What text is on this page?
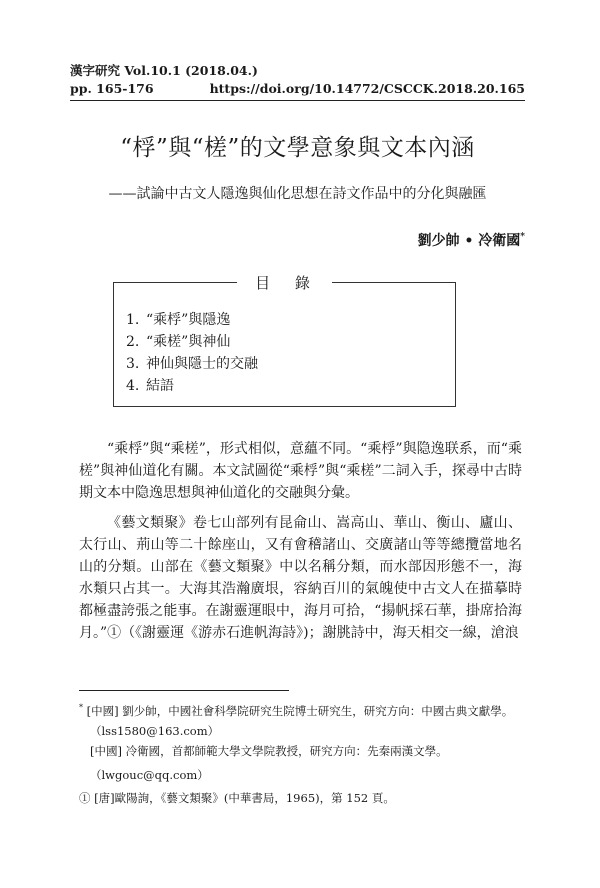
漢字研究 Vol.10.1 (2018.04.)
pp. 165-176	https://doi.org/10.14772/CSCCK.2018.20.165
“桴”與“槎”的文學意象與文本內涵
——試論中古文人隱逸與仙化思想在詩文作品中的分化與融匯
劉少帥 • 冷衛國*
目 錄
1. “乘桴”與隱逸
2. “乘槎”與神仙
3. 神仙與隱士的交融
4. 結語

“乘桴”與“乘槎”，形式相似，意蘊不同。“乘桴”與隐逸联系，而“乘槎”與神仙道化有關。本文試圖從“乘桴”與“乘槎”二詞入手，探尋中古時期文本中隐逸思想與神仙道化的交融與分彙。

《藝文類聚》卷七山部列有昆侖山、嵩高山、華山、衡山、廬山、太行山、荊山等二十餘座山，又有會稽諸山、交廣諸山等等總攬當地名山的分類。山部在《藝文類聚》中以名稱分類，而水部因形態不一，海水類只占其一。大海其浩瀚廣垠，容納百川的氣魄使中古文人在描摹時都極盡誇張之能事。在謝靈運眼中，海月可拾，“揚帆採石華，掛席拾海月。”①（《謝靈運《游赤石進帆海詩》)；謝朓詩中，海天相交一線，滄浪

* [中國] 劉少帥，中國社會科學院研究生院博士研究生，研究方向：中國古典文獻學。
（lss1580@163.com）
[中國] 冷衛國，首都師範大學文學院教授，研究方向：先秦兩漢文學。
（lwgouc@qq.com）
① [唐]歐陽詢，《藝文類聚》(中華書局，1965)，第 152 頁。
